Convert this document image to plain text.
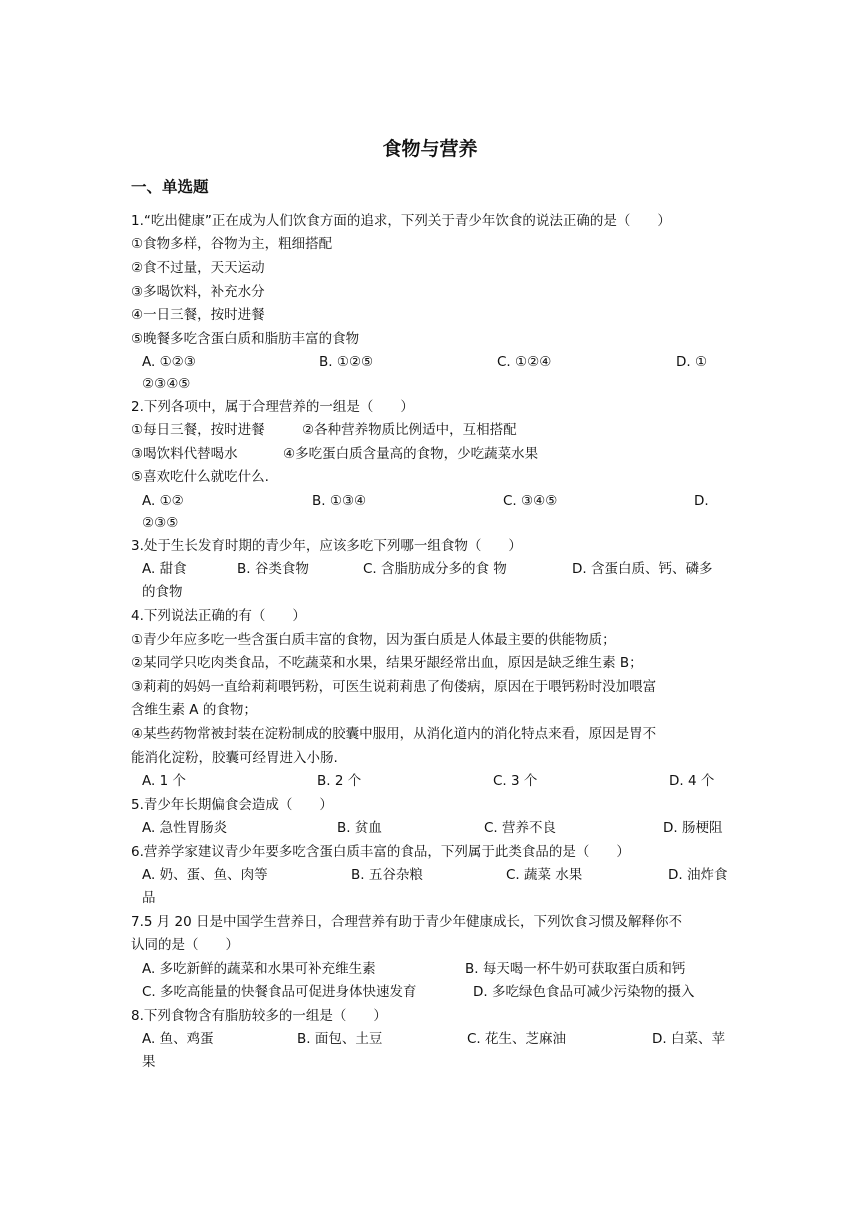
食物与营养
一、单选题
1.“吃出健康”正在成为人们饮食方面的追求，下列关于青少年饮食的说法正确的是（　　）
①食物多样，谷物为主，粗细搭配
②食不过量，天天运动
③多喝饮料，补充水分
④一日三餐，按时进餐
⑤晚餐多吃含蛋白质和脂肪丰富的食物
A. ①②③	B. ①②⑤	C. ①②④	D. ①
②③④⑤
2.下列各项中，属于合理营养的一组是（　　）
①每日三餐，按时进餐	②各种营养物质比例适中，互相搭配
③喝饮料代替喝水	④多吃蛋白质含量高的食物，少吃蔬菜水果
⑤喜欢吃什么就吃什么.
A. ①②	B. ①③④	C. ③④⑤	D.
②③⑤
3.处于生长发育时期的青少年，应该多吃下列哪一组食物（　　）
A. 甜食	B. 谷类食物	C. 含脂肪成分多的食 物	D. 含蛋白质、钙、磷多
的食物
4.下列说法正确的有（　　）
①青少年应多吃一些含蛋白质丰富的食物，因为蛋白质是人体最主要的供能物质；
②某同学只吃肉类食品，不吃蔬菜和水果，结果牙龈经常出血，原因是缺乏维生素 B；
③莉莉的妈妈一直给莉莉喂钙粉，可医生说莉莉患了佝偻病，原因在于喂钙粉时没加喂富
含维生素 A 的食物；
④某些药物常被封装在淀粉制成的胶囊中服用，从消化道内的消化特点来看，原因是胃不
能消化淀粉，胶囊可经胃进入小肠.
A. 1 个	B. 2 个	C. 3 个	D. 4 个
5.青少年长期偏食会造成（　　）
A. 急性胃肠炎	B. 贫血	C. 营养不良	D. 肠梗阻
6.营养学家建议青少年要多吃含蛋白质丰富的食品，下列属于此类食品的是（　　）
A. 奶、蛋、鱼、肉等	B. 五谷杂粮	C. 蔬菜 水果	D. 油炸食
品
7.5 月 20 日是中国学生营养日，合理营养有助于青少年健康成长，下列饮食习惯及解释你不
认同的是（　　）
A. 多吃新鲜的蔬菜和水果可补充维生素	B. 每天喝一杯牛奶可获取蛋白质和钙
C. 多吃高能量的快餐食品可促进身体快速发育	D. 多吃绿色食品可减少污染物的摄入
8.下列食物含有脂肪较多的一组是（　　）
A. 鱼、鸡蛋	B. 面包、土豆	C. 花生、芝麻油	D. 白菜、苹
果
